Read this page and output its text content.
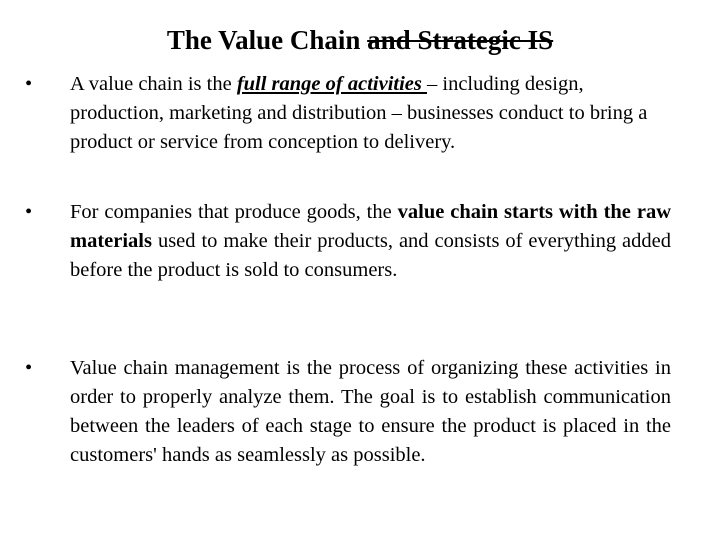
The Value Chain and Strategic IS
•	A value chain is the full range of activities – including design, production, marketing and distribution – businesses conduct to bring a product or service from conception to delivery.
•	For companies that produce goods, the value chain starts with the raw materials used to make their products, and consists of everything added before the product is sold to consumers.
•	Value chain management is the process of organizing these activities in order to properly analyze them. The goal is to establish communication between the leaders of each stage to ensure the product is placed in the customers' hands as seamlessly as possible.
